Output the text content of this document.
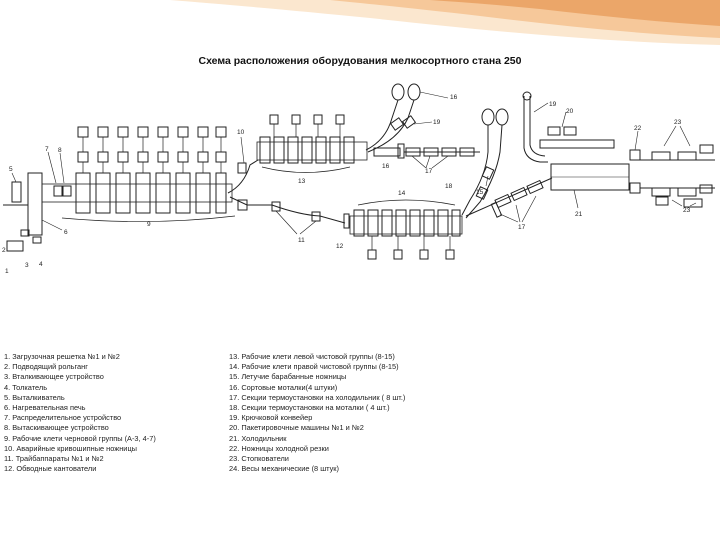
Схема расположения оборудования мелкосортного стана 250
1
2
3 4
5
6
7 8
9
10
11
12
13
14	15
16
16
17
17
18
19
19
20
21
22
23
23
1. Загрузочная решетка №1 и №2
2. Подводящий рольганг
3. Вталкивающее устройство
4. Толкатель
5. Выталкиватель
6. Нагревательная печь
7. Распределительное устройство
8. Вытаскивающее устройство
9. Рабочие клети черновой группы (А-3, 4-7)
10. Аварийные кривошипные ножницы
11. Трайбаппараты №1 и №2
12. Обводные кантователи
13. Рабочие клети левой чистовой группы (8-15)
14. Рабочие клети правой чистовой группы (8-15)
15. Летучие барабанные ножницы
16. Сортовые моталки(4 штуки)
17. Секции термоустановки на холодильник ( 8 шт.)
18. Секции термоустановки на моталки ( 4 шт.)
19. Крючковой конвейер
20. Пакетировочные машины №1 и №2
21. Холодильник
22. Ножницы холодной резки
23. Стопкователи
24. Весы механические (8 штук)
